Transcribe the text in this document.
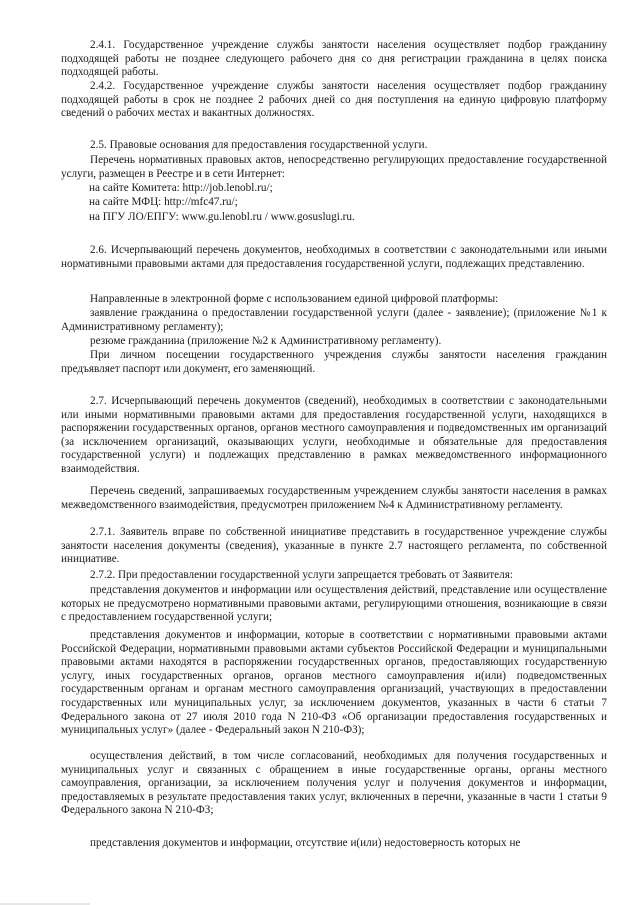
2.4.1. Государственное учреждение службы занятости населения осуществляет подбор гражданину подходящей работы не позднее следующего рабочего дня со дня регистрации гражданина в целях поиска подходящей работы.

2.4.2. Государственное учреждение службы занятости населения осуществляет подбор гражданину подходящей работы в срок не позднее 2 рабочих дней со дня поступления на единую цифровую платформу сведений о рабочих местах и вакантных должностях.

2.5. Правовые основания для предоставления государственной услуги.

Перечень нормативных правовых актов, непосредственно регулирующих предоставление государственной услуги, размещен в Реестре и в сети Интернет:

на сайте Комитета: http://job.lenobl.ru/;

на сайте МФЦ: http://mfc47.ru/;

на ПГУ ЛО/ЕПГУ: www.gu.lenobl.ru / www.gosuslugi.ru.

2.6. Исчерпывающий перечень документов, необходимых в соответствии с законодательными или иными нормативными правовыми актами для предоставления государственной услуги, подлежащих представлению.

Направленные в электронной форме с использованием единой цифровой платформы:

заявление гражданина о предоставлении государственной услуги (далее - заявление); (приложение №1 к Административному регламенту);

резюме гражданина (приложение №2 к Административному регламенту).

При личном посещении государственного учреждения службы занятости населения гражданин предъявляет паспорт или документ, его заменяющий.

2.7. Исчерпывающий перечень документов (сведений), необходимых в соответствии с законодательными или иными нормативными правовыми актами для предоставления государственной услуги, находящихся в распоряжении государственных органов, органов местного самоуправления и подведомственных им организаций (за исключением организаций, оказывающих услуги, необходимые и обязательные для предоставления государственной услуги) и подлежащих представлению в рамках межведомственного информационного взаимодействия.

Перечень сведений, запрашиваемых государственным учреждением службы занятости населения в рамках межведомственного взаимодействия, предусмотрен приложением №4 к Административному регламенту.

2.7.1. Заявитель вправе по собственной инициативе представить в государственное учреждение службы занятости населения документы (сведения), указанные в пункте 2.7 настоящего регламента, по собственной инициативе.

2.7.2. При предоставлении государственной услуги запрещается требовать от Заявителя:

представления документов и информации или осуществления действий, представление или осуществление которых не предусмотрено нормативными правовыми актами, регулирующими отношения, возникающие в связи с предоставлением государственной услуги;

представления документов и информации, которые в соответствии с нормативными правовыми актами Российской Федерации, нормативными правовыми актами субъектов Российской Федерации и муниципальными правовыми актами находятся в распоряжении государственных органов, предоставляющих государственную услугу, иных государственных органов, органов местного самоуправления и(или) подведомственных государственным органам и органам местного самоуправления организаций, участвующих в предоставлении государственных или муниципальных услуг, за исключением документов, указанных в части 6 статьи 7 Федерального закона от 27 июля 2010 года N 210-ФЗ «Об организации предоставления государственных и муниципальных услуг» (далее - Федеральный закон N 210-ФЗ);

осуществления действий, в том числе согласований, необходимых для получения государственных и муниципальных услуг и связанных с обращением в иные государственные органы, органы местного самоуправления, организации, за исключением получения услуг и получения документов и информации, предоставляемых в результате предоставления таких услуг, включенных в перечни, указанные в части 1 статьи 9 Федерального закона N 210-ФЗ;

представления документов и информации, отсутствие и(или) недостоверность которых не
